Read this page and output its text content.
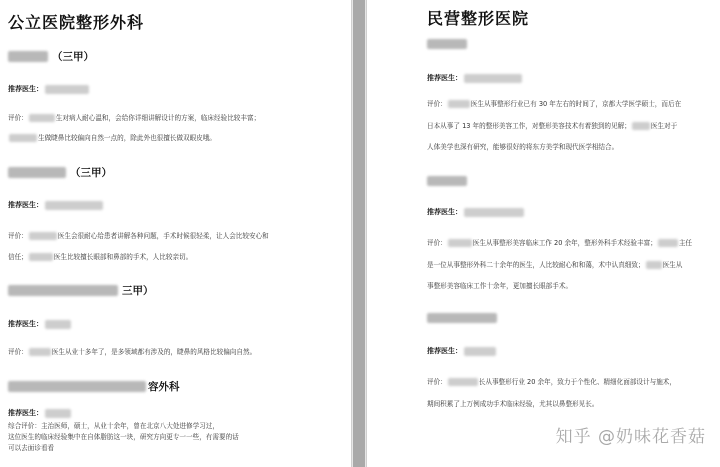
公立医院整形外科
（三甲）
推荐医生：
评价：	生对病人耐心温和，会给你详细讲解设计的方案，临床经验比较丰富；
生做睫鼻比较偏向自然一点的，除此外也很擅长做双眼皮哦。
（三甲）
推荐医生：
评价：	医生会很耐心给患者讲解各种问题，手术时候很轻柔，让人会比较安心和
信任；	医生比较擅长眼部和鼻部的手术，人比较亲切。
三甲）
推荐医生：
评价：	医生从业十多年了，是多领域都有涉及的，睫鼻的风格比较偏向自然。
容外科
推荐医生：
综合评价：主治医师，硕士，从业十余年，曾在北京八大处进修学习过，
这位医生的临床经验集中在自体脂肪这一块，研究方向更专一一些，有需要的话
可以去面诊看看
民营整形医院
推荐医生：
评价：	医生从事整形行业已有 30 年左右的时间了，京都大学医学硕士，而后在
日本从事了 13 年的整形美容工作，对整形美容技术有着独到的见解；	医生对于
人体美学也深有研究，能够很好的将东方美学和现代医学相结合。
推荐医生：
评价：	医生从事整形美容临床工作 20 余年，整形外科手术经验丰富；	主任
是一位从事整形外科二十余年的医生，人比较耐心和和蔼，术中认真细致；	医生从
事整形美容临床工作十余年，更加擅长眼部手术。
推荐医生：
评价：	长从事整形行业 20 余年，致力于个性化、精细化面部设计与施术，
期间积累了上万例成功手术临床经验，尤其以鼻整形见长。
知乎 @奶味花香菇
